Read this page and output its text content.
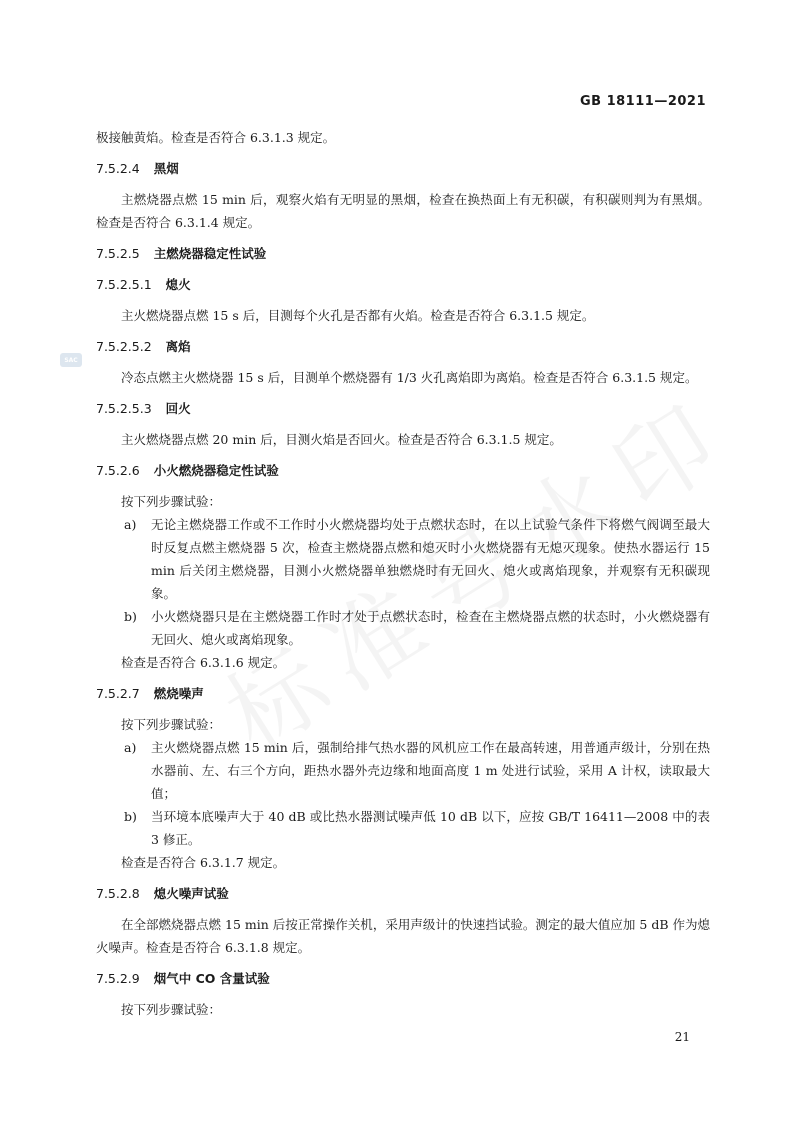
GB 18111—2021
SAC

极接触黄焰。检查是否符合 6.3.1.3 规定。

7.5.2.4 黑烟

主燃烧器点燃 15 min 后，观察火焰有无明显的黑烟，检查在换热面上有无积碳，有积碳则判为有黑烟。检查是否符合 6.3.1.4 规定。

7.5.2.5 主燃烧器稳定性试验
7.5.2.5.1 熄火

主火燃烧器点燃 15 s 后，目测每个火孔是否都有火焰。检查是否符合 6.3.1.5 规定。

7.5.2.5.2 离焰

冷态点燃主火燃烧器 15 s 后，目测单个燃烧器有 1/3 火孔离焰即为离焰。检查是否符合 6.3.1.5 规定。

7.5.2.5.3 回火

主火燃烧器点燃 20 min 后，目测火焰是否回火。检查是否符合 6.3.1.5 规定。

7.5.2.6 小火燃烧器稳定性试验

按下列步骤试验：

a) 无论主燃烧器工作或不工作时小火燃烧器均处于点燃状态时，在以上试验气条件下将燃气阀调至最大时反复点燃主燃烧器 5 次，检查主燃烧器点燃和熄灭时小火燃烧器有无熄灭现象。使热水器运行 15 min 后关闭主燃烧器，目测小火燃烧器单独燃烧时有无回火、熄火或离焰现象，并观察有无积碳现象。
b) 小火燃烧器只是在主燃烧器工作时才处于点燃状态时，检查在主燃烧器点燃的状态时，小火燃烧器有无回火、熄火或离焰现象。

检查是否符合 6.3.1.6 规定。

7.5.2.7 燃烧噪声

按下列步骤试验：

a) 主火燃烧器点燃 15 min 后，强制给排气热水器的风机应工作在最高转速，用普通声级计，分别在热水器前、左、右三个方向，距热水器外壳边缘和地面高度 1 m 处进行试验，采用 A 计权，读取最大值；
b) 当环境本底噪声大于 40 dB 或比热水器测试噪声低 10 dB 以下，应按 GB/T 16411—2008 中的表 3 修正。

检查是否符合 6.3.1.7 规定。

7.5.2.8 熄火噪声试验

在全部燃烧器点燃 15 min 后按正常操作关机，采用声级计的快速挡试验。测定的最大值应加 5 dB 作为熄火噪声。检查是否符合 6.3.1.8 规定。

7.5.2.9 烟气中 CO 含量试验

按下列步骤试验：

21
